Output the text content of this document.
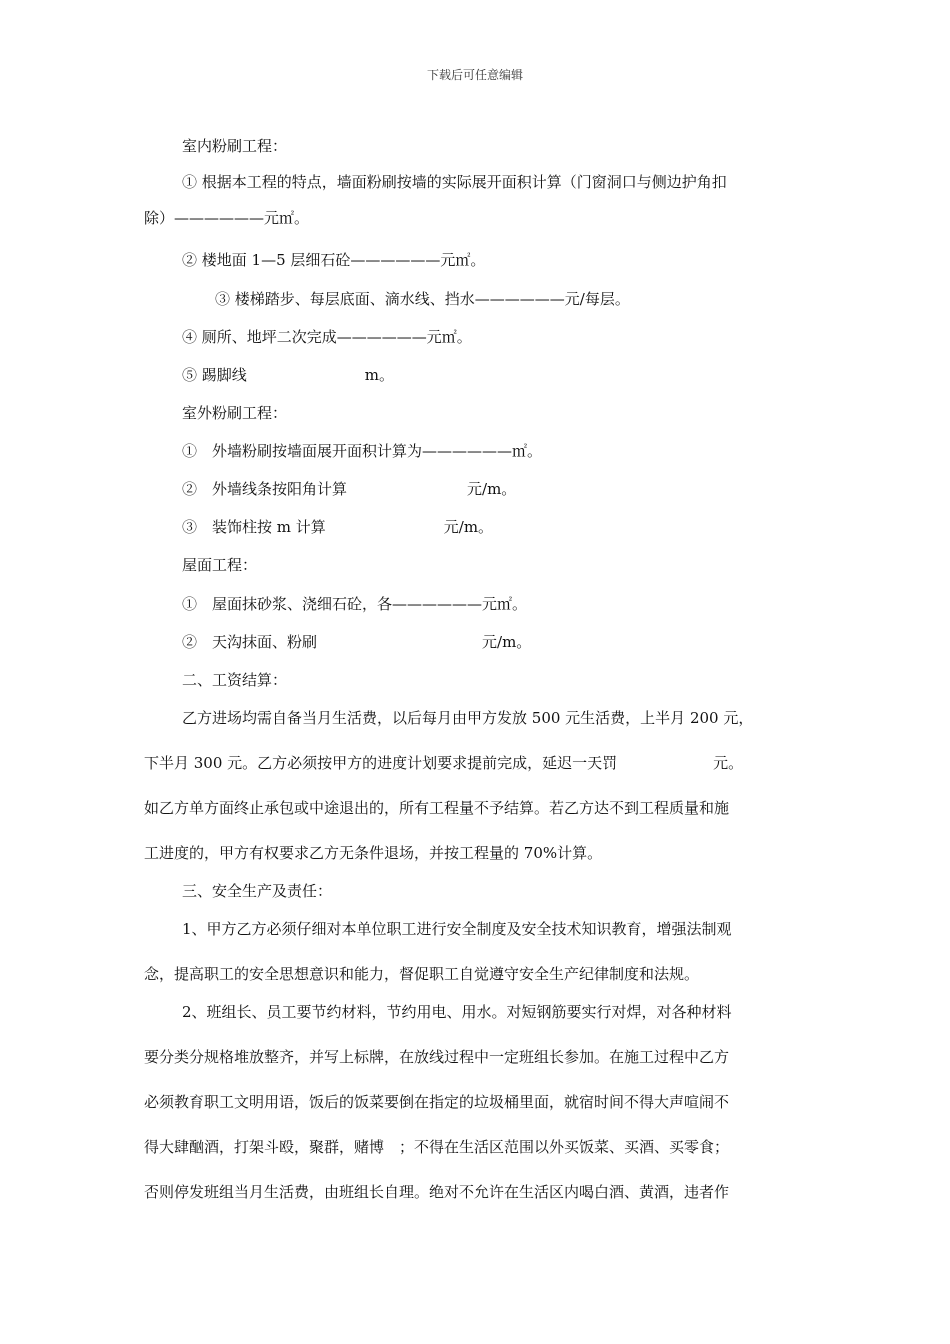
下载后可任意编辑
室内粉刷工程：
① 根据本工程的特点，墙面粉刷按墙的实际展开面积计算（门窗洞口与侧边护角扣
除）——————元㎡。
② 楼地面 1—5 层细石砼——————元㎡。
③ 楼梯踏步、每层底面、滴水线、挡水——————元/每层。
④ 厕所、地坪二次完成——————元㎡。
⑤ 踢脚线	m。
室外粉刷工程：
①　外墙粉刷按墙面展开面积计算为——————㎡。
②　外墙线条按阳角计算	元/m。
③　装饰柱按 m 计算	元/m。
屋面工程：
①　屋面抹砂浆、浇细石砼，各——————元㎡。
②　天沟抹面、粉刷	元/m。
二、工资结算：
乙方进场均需自备当月生活费，以后每月由甲方发放 500 元生活费，上半月 200 元，
下半月 300 元。乙方必须按甲方的进度计划要求提前完成，延迟一天罚	元。
如乙方单方面终止承包或中途退出的，所有工程量不予结算。若乙方达不到工程质量和施
工进度的，甲方有权要求乙方无条件退场，并按工程量的 70%计算。
三、安全生产及责任：
1、甲方乙方必须仔细对本单位职工进行安全制度及安全技术知识教育，增强法制观
念，提高职工的安全思想意识和能力，督促职工自觉遵守安全生产纪律制度和法规。
2、班组长、员工要节约材料，节约用电、用水。对短钢筋要实行对焊，对各种材料
要分类分规格堆放整齐，并写上标牌，在放线过程中一定班组长参加。在施工过程中乙方
必须教育职工文明用语，饭后的饭菜要倒在指定的垃圾桶里面，就宿时间不得大声喧闹不
得大肆酗酒，打架斗殴，聚群，赌博　；不得在生活区范围以外买饭菜、买酒、买零食；
否则停发班组当月生活费，由班组长自理。绝对不允许在生活区内喝白酒、黄酒，违者作
